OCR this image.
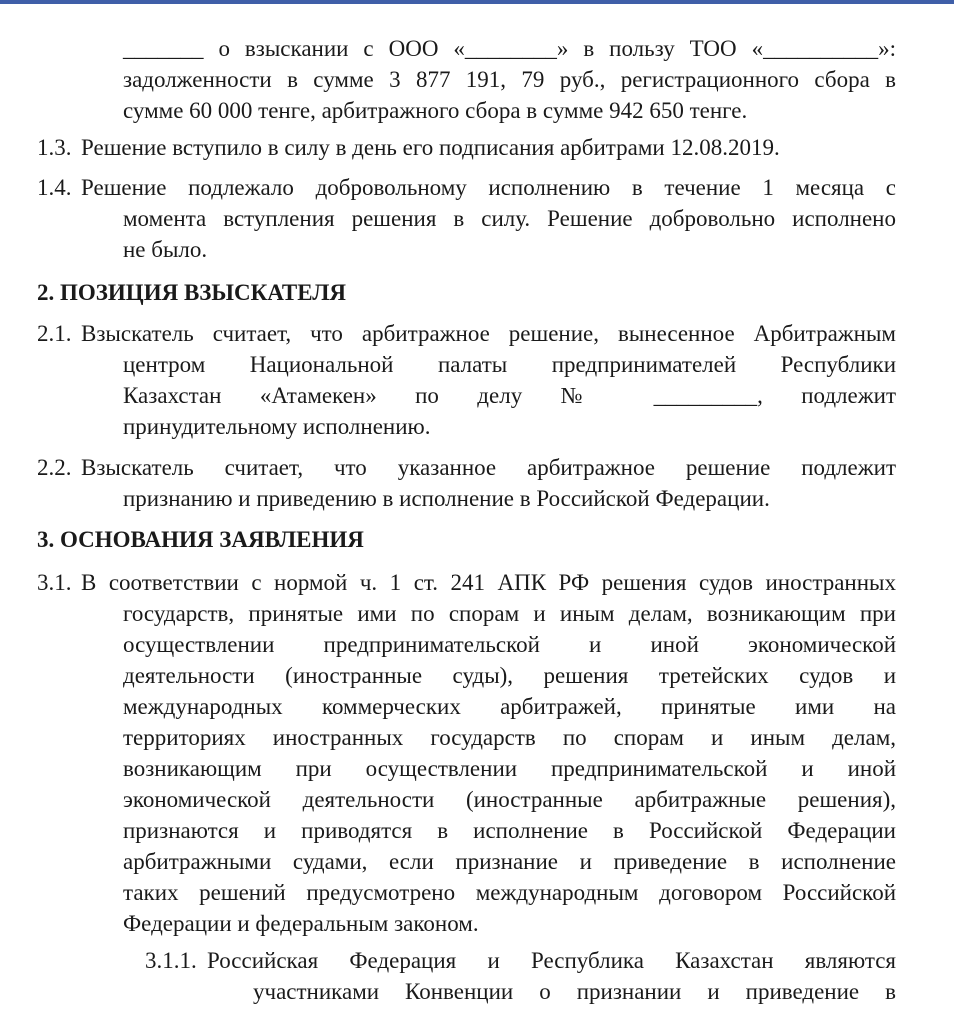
_______ о взыскании с ООО «________» в пользу ТОО «__________»:
задолженности в сумме 3 877 191, 79 руб., регистрационного сбора в
сумме 60 000 тенге, арбитражного сбора в сумме 942 650 тенге.
1.3. Решение вступило в силу в день его подписания арбитрами 12.08.2019.
1.4. Решение подлежало добровольному исполнению в течение 1 месяца с
момента вступления решения в силу. Решение добровольно исполнено
не было.
2. ПОЗИЦИЯ ВЗЫСКАТЕЛЯ
2.1. Взыскатель считает, что арбитражное решение, вынесенное Арбитражным
центром Национальной палаты предпринимателей Республики
Казахстан «Атамекен» по делу № _________, подлежит
принудительному исполнению.
2.2. Взыскатель считает, что указанное арбитражное решение подлежит
признанию и приведению в исполнение в Российской Федерации.
3. ОСНОВАНИЯ ЗАЯВЛЕНИЯ
3.1. В соответствии с нормой ч. 1 ст. 241 АПК РФ решения судов иностранных
государств, принятые ими по спорам и иным делам, возникающим при
осуществлении предпринимательской и иной экономической
деятельности (иностранные суды), решения третейских судов и
международных коммерческих арбитражей, принятые ими на
территориях иностранных государств по спорам и иным делам,
возникающим при осуществлении предпринимательской и иной
экономической деятельности (иностранные арбитражные решения),
признаются и приводятся в исполнение в Российской Федерации
арбитражными судами, если признание и приведение в исполнение
таких решений предусмотрено международным договором Российской
Федерации и федеральным законом.
3.1.1. Российская Федерация и Республика Казахстан являются
участниками Конвенции о признании и приведение в
